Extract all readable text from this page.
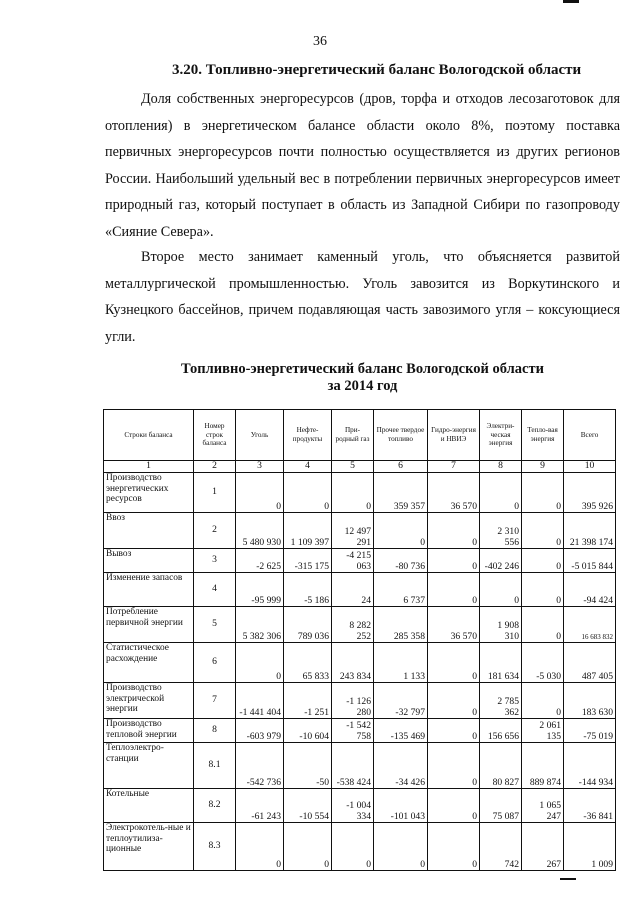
36
3.20. Топливно-энергетический баланс Вологодской области
Доля собственных энергоресурсов (дров, торфа и отходов лесозаготовок для отопления) в энергетическом балансе области около 8%, поэтому поставка первичных энергоресурсов почти полностью осуществляется из других регионов России. Наибольший удельный вес в потреблении первичных энергоресурсов имеет природный газ, который поступает в область из Западной Сибири по газопроводу «Сияние Севера».
Второе место занимает каменный уголь, что объясняется развитой металлургической промышленностью. Уголь завозится из Воркутинского и Кузнецкого бассейнов, причем подавляющая часть завозимого угля – коксующиеся угли.
Топливно-энергетический баланс Вологодской области
за 2014 год
Строки баланса	Номер строк баланса	Уголь	Нефте-продукты	При-родный газ	Прочее твердое топливо	Гидро-энергия и НВИЭ	Электри-ческая энергия	Тепло-вая энергия	Всего
1	2	3	4	5	6	7	8	9	10
Производство энергетических ресурсов	1	0	0	0	359 357	36 570	0	0	395 926
Ввоз	2	5 480 930	1 109 397	12 497 291	0	0	2 310 556	0	21 398 174
Вывоз	3	-2 625	-315 175	-4 215 063	-80 736	0	-402 246	0	-5 015 844
Изменение запасов	4	-95 999	-5 186	24	6 737	0	0	0	-94 424
Потребление первичной энергии	5	5 382 306	789 036	8 282 252	285 358	36 570	1 908 310	0	16 683 832
Статистическое расхождение	6	0	65 833	243 834	1 133	0	181 634	-5 030	487 405
Производство электрической энергии	7	-1 441 404	-1 251	-1 126 280	-32 797	0	2 785 362	0	183 630
Производство тепловой энергии	8	-603 979	-10 604	-1 542 758	-135 469	0	156 656	2 061 135	-75 019
Теплоэлектро-станции	8.1	-542 736	-50	-538 424	-34 426	0	80 827	889 874	-144 934
Котельные	8.2	-61 243	-10 554	-1 004 334	-101 043	0	75 087	1 065 247	-36 841
Электрокотель-ные и теплоутилиза-ционные	8.3	0	0	0	0	0	742	267	1 009
